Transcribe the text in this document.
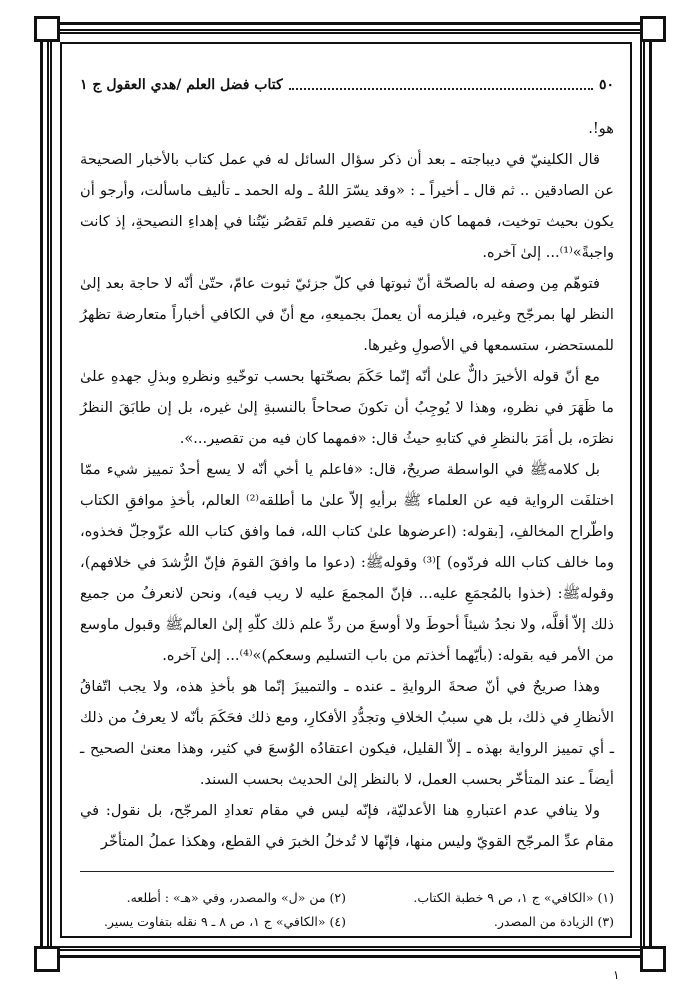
٥٠
كتاب فضل العلم /هدي العقول ج ١

هو!.

قال الكلينيّ في ديباجته ـ بعد أن ذكر سؤال السائل له في عمل كتاب بالأخبار الصحيحة عن الصادقين .. ثم قال ـ أخيراً ـ : «وقد يسّرَ اللهُ ـ وله الحمد ـ تأليف ماسألت، وأرجو أن يكون بحيث توخيت، فمهما كان فيه من تقصير فلم تَقصُر نيّتُنا في إهداءِ النصيحةِ، إذ كانت واجبةً»⁽¹⁾... إلىٰ آخره.

فتوهّم مِن وصفه له بالصحّة أنّ ثبوتها في كلّ جزئيّ ثبوت عامّ، حتّىٰ أنّه لا حاجة بعد إلىٰ النظر لها بمرجّح وغيره، فيلزمه أن يعملَ بجميعهِ، مع أنّ في الكافي أخباراً متعارضة تظهرُ للمستحضر، ستسمعها في الأصولِ وغيرها.

مع أنّ قوله الأخيرَ دالٌّ علىٰ أنّه إنّما حَكَمَ بصحّتها بحسب توخّيهِ ونظرهِ وبذلِ جهدهِ علىٰ ما ظَهَرَ في نظرهِ، وهذا لا يُوجِبُ أن تكونَ صحاحاً بالنسبةِ إلىٰ غيره، بل إن طابَقَ النظرُ نظرَه، بل أمَرَ بالنظرِ في كتابهِ حيثُ قال: «فمهما كان فيه من تقصير...».

بل كلامهﷺ في الواسطة صريحٌ، قال: «فاعلم يا أخي أنّه لا يسع أحدٌ تمييز شيء ممّا اختلفَت الرواية فيه عن العلماء ﷺ برأيهِ إلاّ علىٰ ما أطلقه⁽²⁾ العالم، بأخذِ موافقِ الكتاب واطّراح المخالفِ، [بقوله: (اعرضوها علىٰ كتاب الله، فما وافق كتاب الله عزّوجلّ فخذوه، وما خالف كتاب الله فردّوه) ]⁽³⁾ وقولهﷺ: (دعوا ما وافقَ القومَ فإنّ الرُّشدَ في خلافهم)، وقولهﷺ: (خذوا بالمُجمَعِ عليه... فإنّ المجمعَ عليه لا ريب فيه)، ونحن لانعرفُ من جميع ذلك إلاّ أقلَّه، ولا نجدُ شيئاً أحوطَ ولا أوسعَ من ردِّ علم ذلك كلّهِ إلىٰ العالمﷺ وقبول ماوسع من الأمر فيه بقوله: (بأيّهما أخذتم من باب التسليم وسعكم)»⁽⁴⁾... إلىٰ آخره.

وهذا صريحٌ في أنّ صحةَ الروايةِ ـ عنده ـ والتمييزَ إنّما هو بأخذِ هذه، ولا يجب اتّفاقُ الأنظارِ في ذلك، بل هي سببُ الخلافِ وتجدُّدِ الأفكارِ، ومع ذلك فحَكَمَ بأنّه لا يعرفُ من ذلك ـ أي تمييز الرواية بهذه ـ إلاّ القليل، فيكون اعتقادُه الوُسعَ في كثير، وهذا معنىٰ الصحيح ـ أيضاً ـ عند المتأخّر بحسب العمل، لا بالنظر إلىٰ الحديث بحسب السند.

ولا ينافي عدم اعتبارهِ هنا الأعدليّة، فإنّه ليس في مقام تعدادِ المرجّح، بل نقول: في مقام عدِّ المرجّح القويّ وليس منها، فإنّها لا تُدخلُ الخبرَ في القطع، وهكذا عملُ المتأخّر

(١) «الكافي» ج ١، ص ٩ خطبة الكتاب.
(٢) من «ل» والمصدر، وفي «هـ» : أطلعه.
(٣) الزيادة من المصدر.
(٤) «الكافي» ج ١، ص ٨ ـ ٩ نقله بتفاوت يسير.
١
